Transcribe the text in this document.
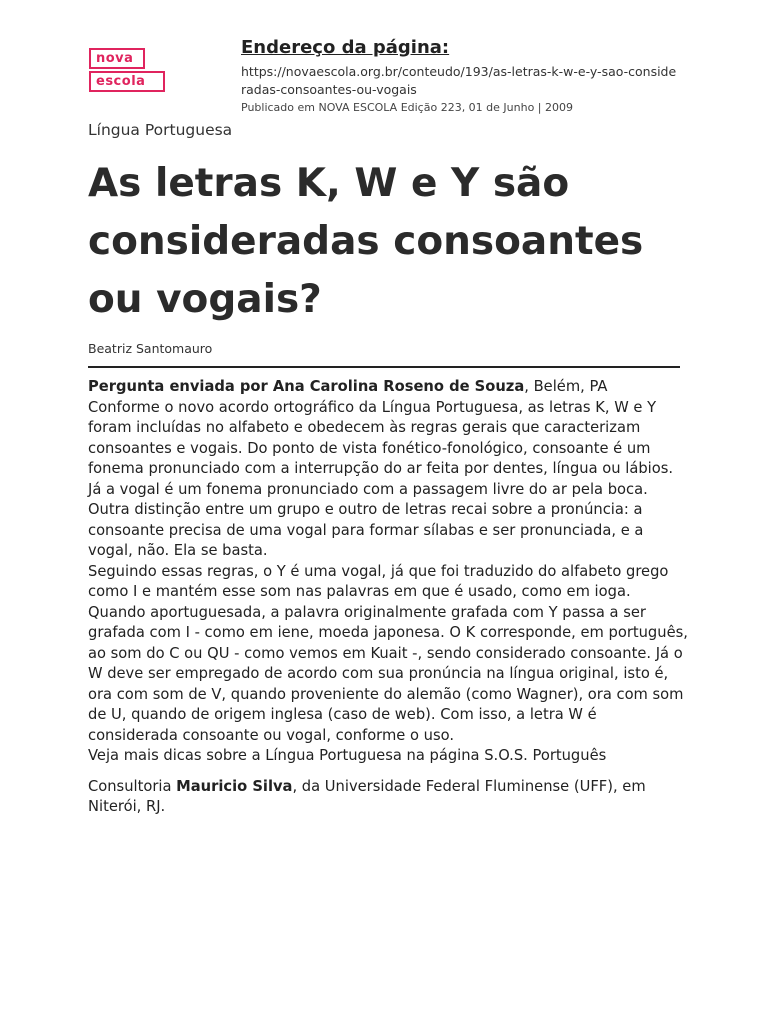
nova
escola
Endereço da página:
https://novaescola.org.br/conteudo/193/as-letras-k-w-e-y-sao-consideradas-consoantes-ou-vogais
Publicado em NOVA ESCOLA Edição 223, 01 de Junho | 2009
Língua Portuguesa
As letras K, W e Y são consideradas consoantes ou vogais?
Beatriz Santomauro

Pergunta enviada por Ana Carolina Roseno de Souza, Belém, PA

Conforme o novo acordo ortográfico da Língua Portuguesa, as letras K, W e Y foram incluídas no alfabeto e obedecem às regras gerais que caracterizam consoantes e vogais. Do ponto de vista fonético-fonológico, consoante é um fonema pronunciado com a interrupção do ar feita por dentes, língua ou lábios. Já a vogal é um fonema pronunciado com a passagem livre do ar pela boca. Outra distinção entre um grupo e outro de letras recai sobre a pronúncia: a consoante precisa de uma vogal para formar sílabas e ser pronunciada, e a vogal, não. Ela se basta.

Seguindo essas regras, o Y é uma vogal, já que foi traduzido do alfabeto grego como I e mantém esse som nas palavras em que é usado, como em ioga. Quando aportuguesada, a palavra originalmente grafada com Y passa a ser grafada com I - como em iene, moeda japonesa. O K corresponde, em português, ao som do C ou QU - como vemos em Kuait -, sendo considerado consoante. Já o W deve ser empregado de acordo com sua pronúncia na língua original, isto é, ora com som de V, quando proveniente do alemão (como Wagner), ora com som de U, quando de origem inglesa (caso de web). Com isso, a letra W é considerada consoante ou vogal, conforme o uso.

Veja mais dicas sobre a Língua Portuguesa na página S.O.S. Português

Consultoria Mauricio Silva, da Universidade Federal Fluminense (UFF), em Niterói, RJ.
